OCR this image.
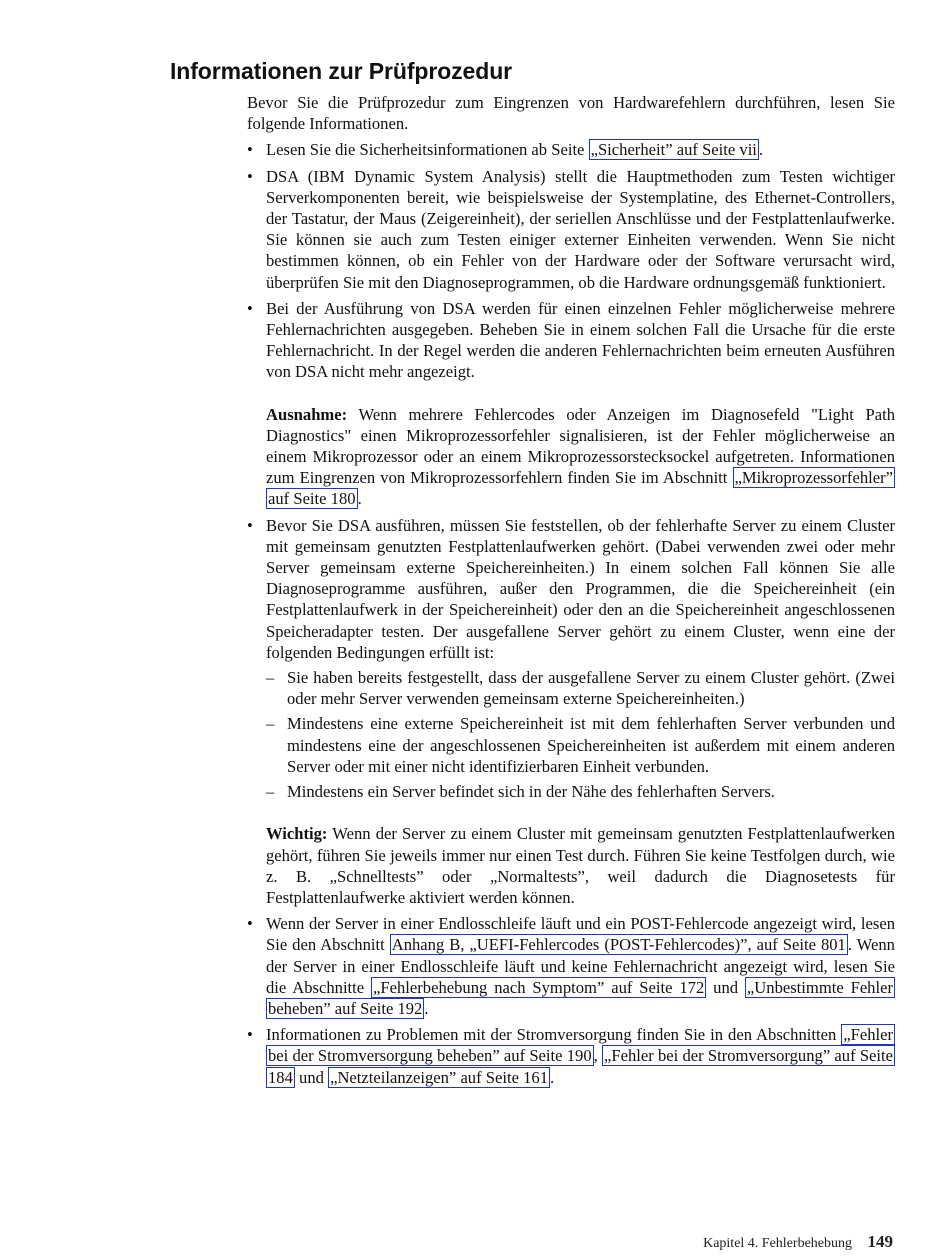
Informationen zur Prüfprozedur

Bevor Sie die Prüfprozedur zum Eingrenzen von Hardwarefehlern durchführen, lesen Sie folgende Informationen.

• Lesen Sie die Sicherheitsinformationen ab Seite „Sicherheit” auf Seite vii .
• DSA (IBM Dynamic System Analysis) stellt die Hauptmethoden zum Testen wichtiger Serverkomponenten bereit, wie beispielsweise der Systemplatine, des Ethernet-Controllers, der Tastatur, der Maus (Zeigereinheit), der seriellen Anschlüsse und der Festplattenlaufwerke. Sie können sie auch zum Testen einiger externer Einheiten verwenden. Wenn Sie nicht bestimmen können, ob ein Fehler von der Hardware oder der Software verursacht wird, überprüfen Sie mit den Diagnoseprogrammen, ob die Hardware ordnungsgemäß funktioniert.

• Bei der Ausführung von DSA werden für einen einzelnen Fehler möglicherweise mehrere Fehlernachrichten ausgegeben. Beheben Sie in einem solchen Fall die Ursache für die erste Fehlernachricht. In der Regel werden die anderen Fehlernachrichten beim erneuten Ausführen von DSA nicht mehr angezeigt.

Ausnahme: Wenn mehrere Fehlercodes oder Anzeigen im Diagnosefeld "Light Path Diagnostics" einen Mikroprozessorfehler signalisieren, ist der Fehler möglicherweise an einem Mikroprozessor oder an einem Mikroprozessorstecksockel aufgetreten. Informationen zum Eingrenzen von Mikroprozessorfehlern finden Sie im Abschnitt „Mikroprozessorfehler” auf Seite 180 .

• Bevor Sie DSA ausführen, müssen Sie feststellen, ob der fehlerhafte Server zu einem Cluster mit gemeinsam genutzten Festplattenlaufwerken gehört. (Dabei verwenden zwei oder mehr Server gemeinsam externe Speichereinheiten.) In einem solchen Fall können Sie alle Diagnoseprogramme ausführen, außer den Programmen, die die Speichereinheit (ein Festplattenlaufwerk in der Speichereinheit) oder den an die Speichereinheit angeschlossenen Speicheradapter testen. Der ausgefallene Server gehört zu einem Cluster, wenn eine der folgenden Bedingungen erfüllt ist:

– Sie haben bereits festgestellt, dass der ausgefallene Server zu einem Cluster gehört. (Zwei oder mehr Server verwenden gemeinsam externe Speichereinheiten.)
– Mindestens eine externe Speichereinheit ist mit dem fehlerhaften Server verbunden und mindestens eine der angeschlossenen Speichereinheiten ist außerdem mit einem anderen Server oder mit einer nicht identifizierbaren Einheit verbunden.
– Mindestens ein Server befindet sich in der Nähe des fehlerhaften Servers.

Wichtig: Wenn der Server zu einem Cluster mit gemeinsam genutzten Festplattenlaufwerken gehört, führen Sie jeweils immer nur einen Test durch. Führen Sie keine Testfolgen durch, wie z. B. „Schnelltests” oder „Normaltests”, weil dadurch die Diagnosetests für Festplattenlaufwerke aktiviert werden können.

• Wenn der Server in einer Endlosschleife läuft und ein POST-Fehlercode angezeigt wird, lesen Sie den Abschnitt Anhang B, „UEFI-Fehlercodes (POST-Fehlercodes)”, auf Seite 801 . Wenn der Server in einer Endlosschleife läuft und keine Fehlernachricht angezeigt wird, lesen Sie die Abschnitte „Fehlerbehebung nach Symptom” auf Seite 172 und „Unbestimmte Fehler beheben” auf Seite 192 .
• Informationen zu Problemen mit der Stromversorgung finden Sie in den Abschnitten „Fehler bei der Stromversorgung beheben” auf Seite 190 , „Fehler bei der Stromversorgung” auf Seite 184 und „Netzteilanzeigen” auf Seite 161 .
Kapitel 4. Fehlerbehebung 149
